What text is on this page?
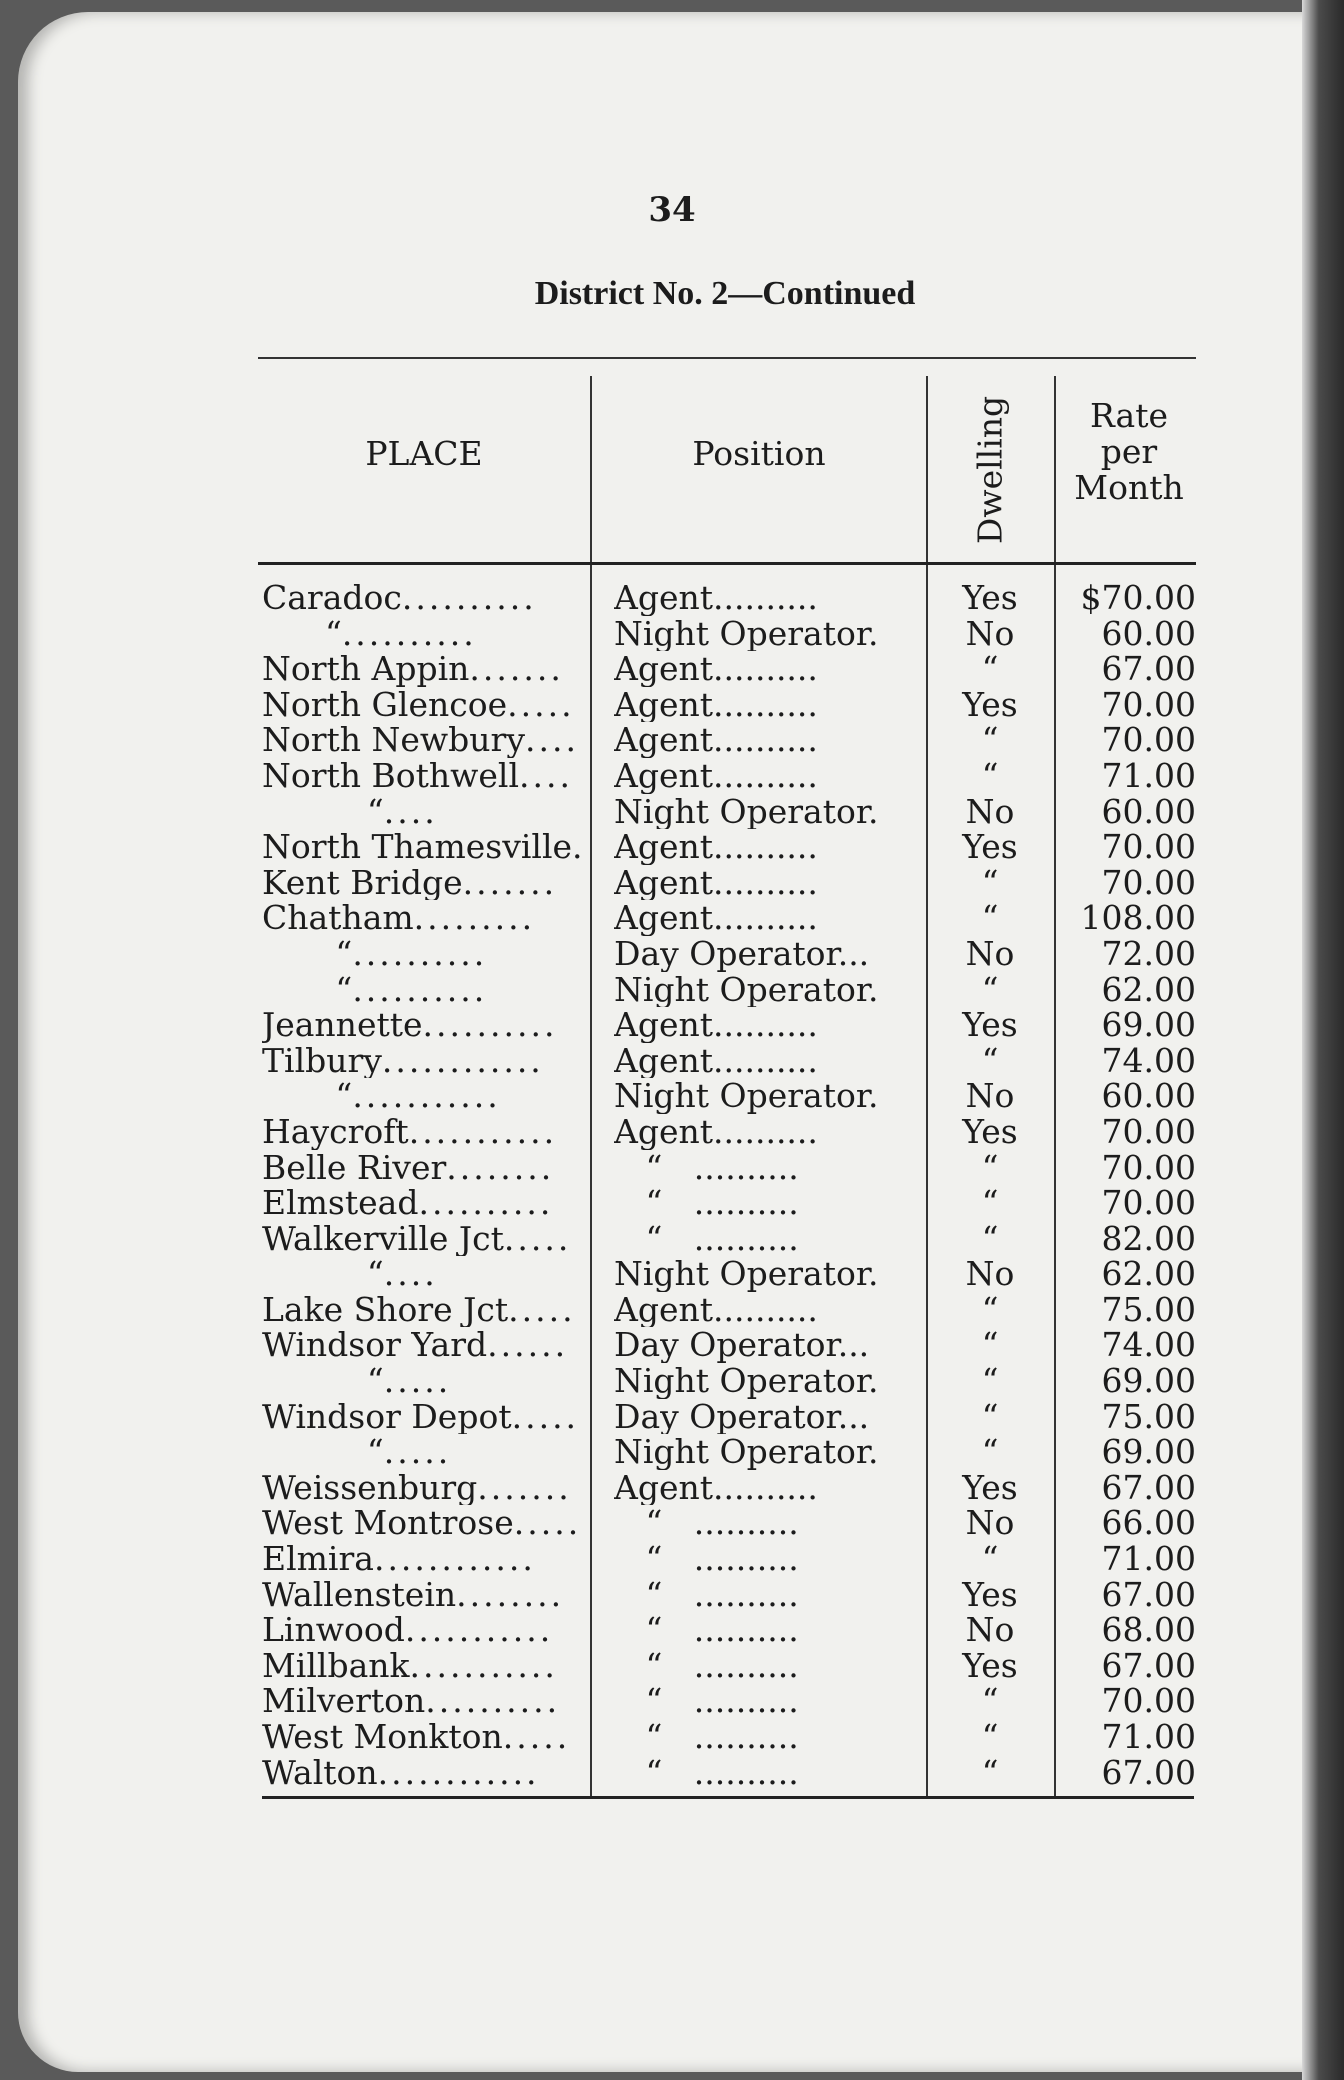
34
District No. 2—Continued
PLACE	Position	Dwelling	Rate
per
Month
Caradoc..........	Agent..........	Yes	$70.00
“..........	Night Operator.	No	60.00
North Appin.......	Agent..........	“	67.00
North Glencoe.....	Agent..........	Yes	70.00
North Newbury.... Agent..........	“	70.00
North Bothwell....	Agent..........	“	71.00
“....	Night Operator.	No	60.00
North Thamesville. Agent..........	Yes	70.00
Kent Bridge.......	Agent..........	“	70.00
Chatham.........	Agent..........	“	108.00
“..........	Day Operator...	No	72.00
“..........	Night Operator.	“	62.00
Jeannette..........	Agent..........	Yes	69.00
Tilbury............	Agent..........	“	74.00
“...........	Night Operator.	No	60.00
Haycroft...........	Agent..........	Yes	70.00
Belle River........	“   ..........	“	70.00
Elmstead..........	“   ..........	“	70.00
Walkerville Jct.....	“   ..........	“	82.00
“....	Night Operator.	No	62.00
Lake Shore Jct.....	Agent..........	“	75.00
Windsor Yard......	Day Operator...	“	74.00
“.....	Night Operator.	“	69.00
Windsor Depot..... Day Operator...	“	75.00
“.....	Night Operator.	“	69.00
Weissenburg.......	Agent..........	Yes	67.00
West Montrose..... “   ..........	No	66.00
Elmira............	“   ..........	“	71.00
Wallenstein........	“   ..........	Yes	67.00
Linwood...........	“   ..........	No	68.00
Millbank...........	“   ..........	Yes	67.00
Milverton..........	“   ..........	“	70.00
West Monkton.....	“   ..........	“	71.00
Walton............	“   ..........	“	67.00
